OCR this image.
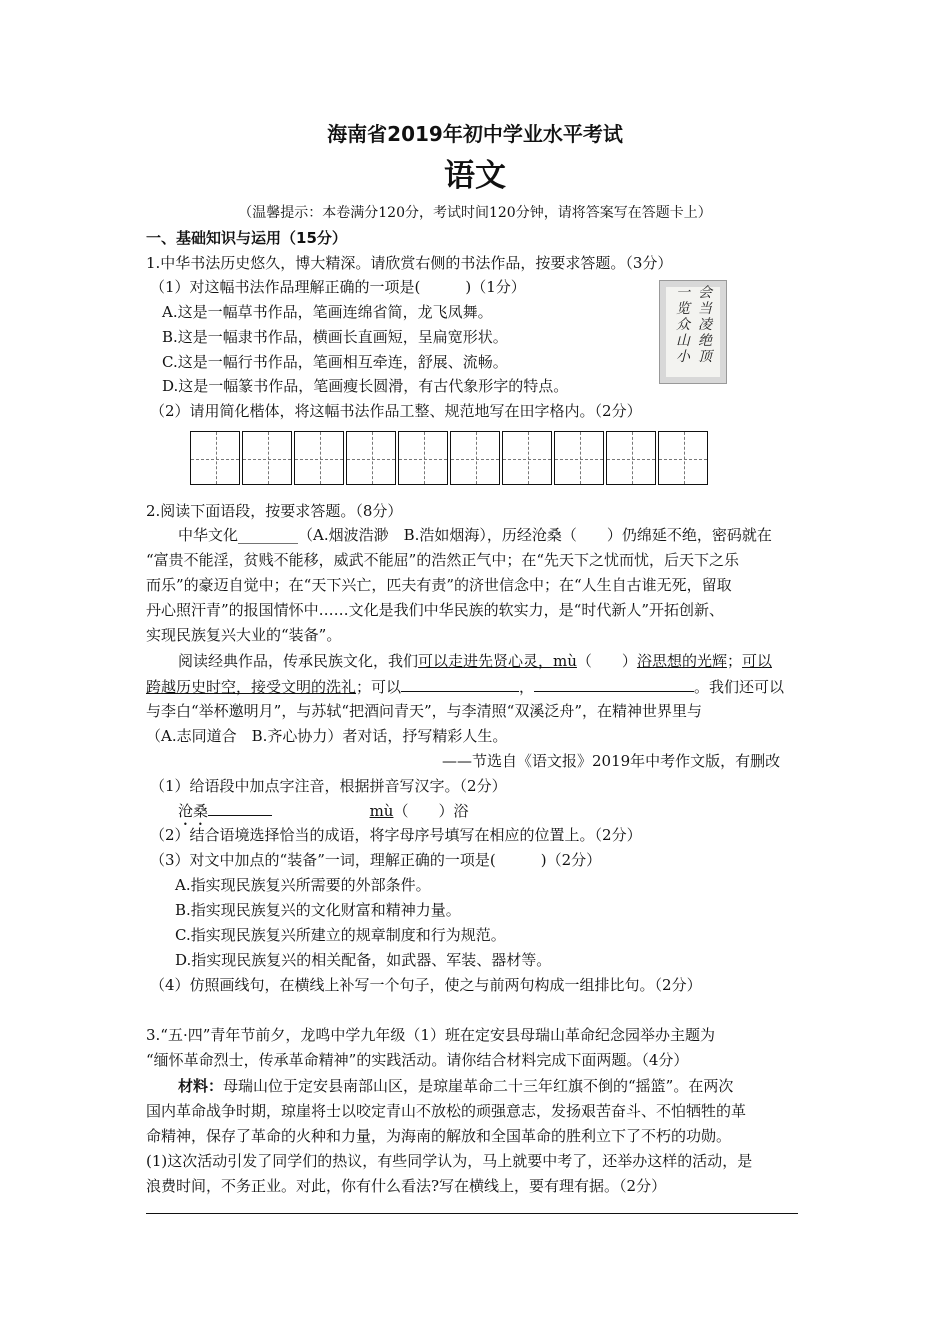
海南省2019年初中学业水平考试
语文
（温馨提示：本卷满分120分，考试时间120分钟，请将答案写在答题卡上）
一、基础知识与运用（15分）
1.中华书法历史悠久，博大精深。请欣赏右侧的书法作品，按要求答题。（3分）
（1）对这幅书法作品理解正确的一项是(　　　)（1分）
A.这是一幅草书作品，笔画连绵省简，龙飞凤舞。
B.这是一幅隶书作品，横画长直画短，呈扁宽形状。
C.这是一幅行书作品，笔画相互牵连，舒展、流畅。
D.这是一幅篆书作品，笔画瘦长圆滑，有古代象形字的特点。
（2）请用简化楷体，将这幅书法作品工整、规范地写在田字格内。（2分）
会当凌绝顶
一览众山小
2.阅读下面语段，按要求答题。（8分）
中华文化________（A.烟波浩渺　B.浩如烟海），历经沧桑（　　）仍绵延不绝，密码就在
“富贵不能淫，贫贱不能移，威武不能屈”的浩然正气中；在“先天下之忧而忧，后天下之乐
而乐”的豪迈自觉中；在“天下兴亡，匹夫有责”的济世信念中；在“人生自古谁无死，留取
丹心照汗青”的报国情怀中……文化是我们中华民族的软实力，是“时代新人”开拓创新、
实现民族复兴大业的“装备”。
阅读经典作品，传承民族文化，我们可以走进先贤心灵，mù（　　）浴思想的光辉；可以
跨越历史时空，接受文明的洗礼；可以	，	。我们还可以
与李白“举杯邀明月”，与苏轼“把酒问青天”，与李清照“双溪泛舟”，在精神世界里与
（A.志同道合　B.齐心协力）者对话，抒写精彩人生。
——节选自《语文报》2019年中考作文版，有删改
（1）给语段中加点字注音，根据拼音写汉字。（2分）
沧桑	mù（　　）浴
（2）结合语境选择恰当的成语，将字母序号填写在相应的位置上。（2分）
（3）对文中加点的“装备”一词，理解正确的一项是(　　　)（2分）
A.指实现民族复兴所需要的外部条件。
B.指实现民族复兴的文化财富和精神力量。
C.指实现民族复兴所建立的规章制度和行为规范。
D.指实现民族复兴的相关配备，如武器、军装、器材等。
（4）仿照画线句，在横线上补写一个句子，使之与前两句构成一组排比句。（2分）
3.“五·四”青年节前夕，龙鸣中学九年级（1）班在定安县母瑞山革命纪念园举办主题为
“缅怀革命烈士，传承革命精神”的实践活动。请你结合材料完成下面两题。（4分）
材料：母瑞山位于定安县南部山区，是琼崖革命二十三年红旗不倒的“摇篮”。在两次
国内革命战争时期，琼崖将士以咬定青山不放松的顽强意志，发扬艰苦奋斗、不怕牺牲的革
命精神，保存了革命的火种和力量，为海南的解放和全国革命的胜利立下了不朽的功勋。
(1)这次活动引发了同学们的热议，有些同学认为，马上就要中考了，还举办这样的活动，是
浪费时间，不务正业。对此，你有什么看法?写在横线上，要有理有据。（2分）
